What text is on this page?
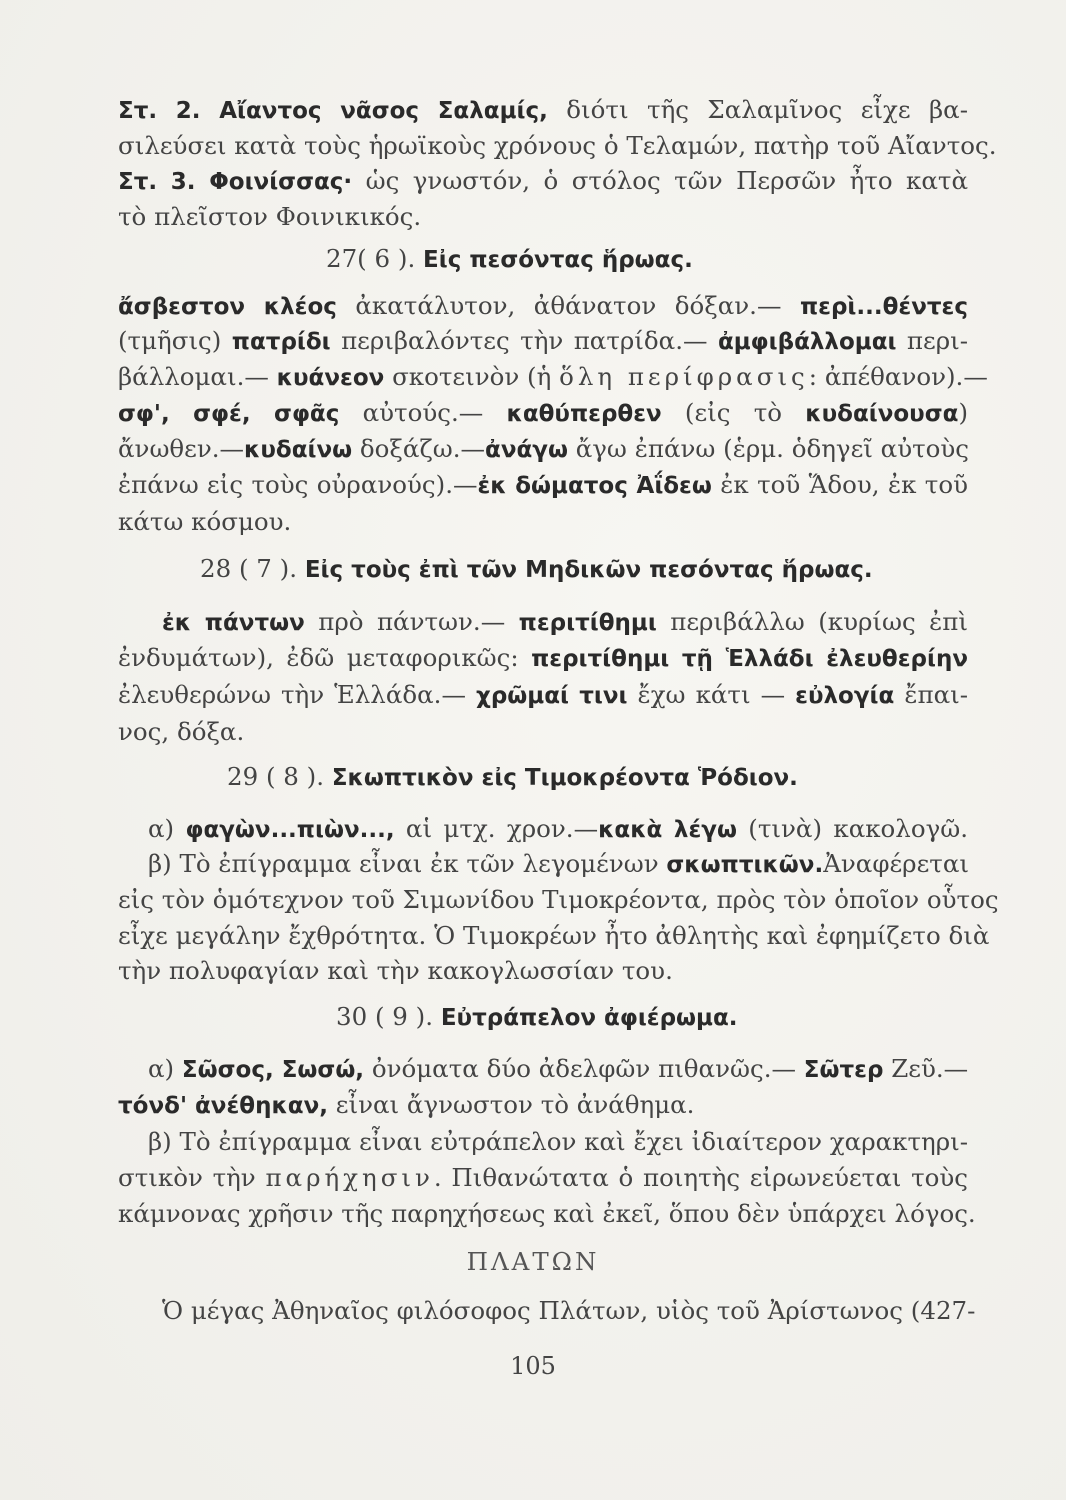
Στ. 2. Αἴαντος νᾶσος Σαλαμίς, διότι τῆς Σαλαμῖνος εἶχε βα-
σιλεύσει κατὰ τοὺς ἡρωϊκοὺς χρόνους ὁ Τελαμών, πατὴρ τοῦ Αἴαντος.
Στ. 3. Φοινίσσας· ὡς γνωστόν, ὁ στόλος τῶν Περσῶν ἦτο κατὰ
τὸ πλεῖστον Φοινικικός.
27( 6 ). Εἰς πεσόντας ἥρωας.
ἄσβεστον κλέος ἀκατάλυτον, ἀθάνατον δόξαν.— περὶ...θέντες
(τμῆσις) πατρίδι περιβαλόντες τὴν πατρίδα.— ἀμφιβάλλομαι περι-
βάλλομαι.— κυάνεον σκοτεινὸν (ἡ ὅλη περίφρασις: ἀπέθανον).—
σφ', σφέ, σφᾶς αὐτούς.— καθύπερθεν (εἰς τὸ κυδαίνουσα)
ἄνωθεν.—κυδαίνω δοξάζω.—ἀνάγω ἄγω ἐπάνω (ἑρμ. ὁδηγεῖ αὐτοὺς
ἐπάνω εἰς τοὺς οὐρανούς).—ἐκ δώματος Ἀΐδεω ἐκ τοῦ Ἅδου, ἐκ τοῦ
κάτω κόσμου.
28 ( 7 ). Εἰς τοὺς ἐπὶ τῶν Μηδικῶν πεσόντας ἥρωας.
ἐκ πάντων πρὸ πάντων.— περιτίθημι περιβάλλω (κυρίως ἐπὶ
ἐνδυμάτων), ἐδῶ μεταφορικῶς: περιτίθημι τῇ Ἑλλάδι ἐλευθερίην
ἐλευθερώνω τὴν Ἑλλάδα.— χρῶμαί τινι ἔχω κάτι — εὐλογία ἔπαι-
νος, δόξα.
29 ( 8 ). Σκωπτικὸν εἰς Τιμοκρέοντα Ῥόδιον.
α) φαγὼν...πιὼν..., αἱ μτχ. χρον.—κακὰ λέγω (τινὰ) κακολογῶ.
β) Τὸ ἐπίγραμμα εἶναι ἐκ τῶν λεγομένων σκωπτικῶν.Ἀναφέρεται
εἰς τὸν ὁμότεχνον τοῦ Σιμωνίδου Τιμοκρέοντα, πρὸς τὸν ὁποῖον οὗτος
εἶχε μεγάλην ἔχθρότητα. Ὁ Τιμοκρέων ἦτο ἀθλητὴς καὶ ἐφημίζετο διὰ
τὴν πολυφαγίαν καὶ τὴν κακογλωσσίαν του.
30 ( 9 ). Εὐτράπελον ἀφιέρωμα.
α) Σῶσος, Σωσώ, ὀνόματα δύο ἀδελφῶν πιθανῶς.— Σῶτερ Ζεῦ.—
τόνδ' ἀνέθηκαν, εἶναι ἄγνωστον τὸ ἀνάθημα.
β) Τὸ ἐπίγραμμα εἶναι εὐτράπελον καὶ ἔχει ἰδιαίτερον χαρακτηρι-
στικὸν τὴν παρήχησιν. Πιθανώτατα ὁ ποιητὴς εἰρωνεύεται τοὺς
κάμνονας χρῆσιν τῆς παρηχήσεως καὶ ἐκεῖ, ὅπου δὲν ὑπάρχει λόγος.
ΠΛΑΤΩΝ
Ὁ μέγας Ἀθηναῖος φιλόσοφος Πλάτων, υἱὸς τοῦ Ἀρίστωνος (427-
105
